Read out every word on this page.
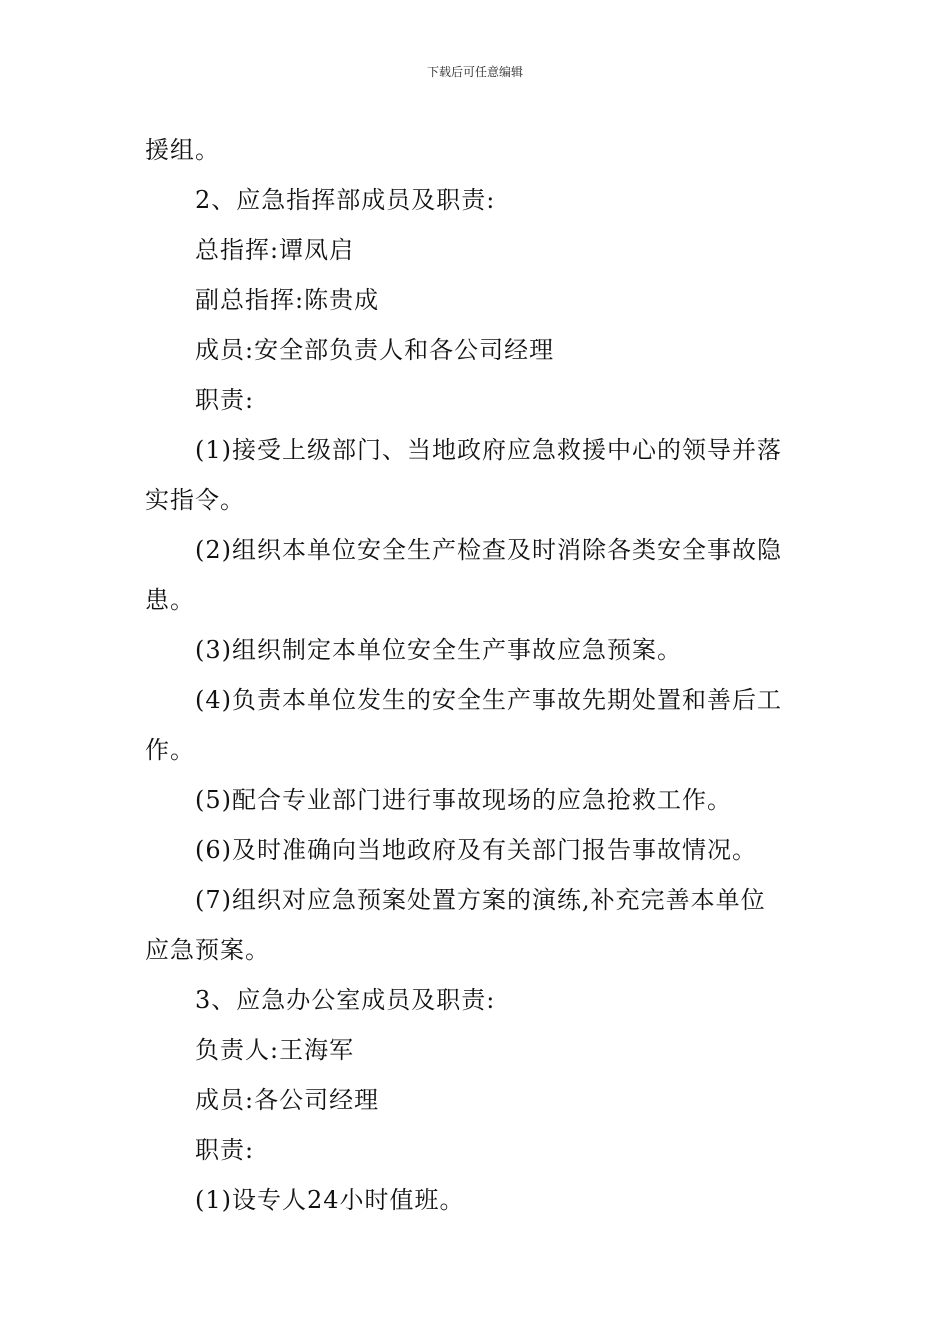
下载后可任意编辑
援组。
2、应急指挥部成员及职责:
总指挥:谭凤启
副总指挥:陈贵成
成员:安全部负责人和各公司经理
职责:
(1)接受上级部门、当地政府应急救援中心的领导并落
实指令。
(2)组织本单位安全生产检查及时消除各类安全事故隐
患。
(3)组织制定本单位安全生产事故应急预案。
(4)负责本单位发生的安全生产事故先期处置和善后工
作。
(5)配合专业部门进行事故现场的应急抢救工作。
(6)及时准确向当地政府及有关部门报告事故情况。
(7)组织对应急预案处置方案的演练,补充完善本单位
应急预案。
3、应急办公室成员及职责:
负责人:王海军
成员:各公司经理
职责:
(1)设专人24小时值班。
